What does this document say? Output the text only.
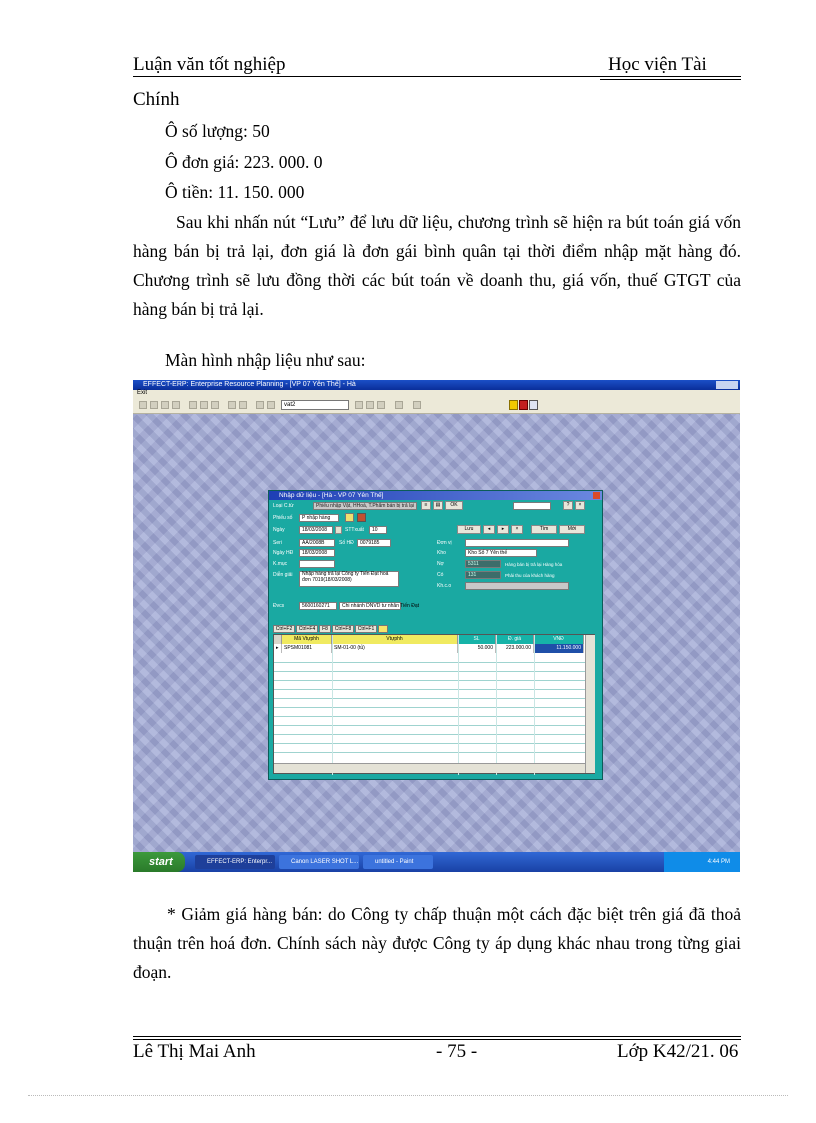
Luận văn tốt nghiệp	Học viện Tài
Chính
Ô số lượng: 50
Ô đơn giá: 223. 000. 0
Ô tiền: 11. 150. 000
Sau khi nhấn nút “Lưu” để lưu dữ liệu, chương trình sẽ hiện ra bút toán giá vốn hàng bán bị trả lại, đơn giá là đơn gái bình quân tại thời điểm nhập mặt hàng đó. Chương trình sẽ lưu đồng thời các bút toán về doanh thu, giá vốn, thuế GTGT của hàng bán bị trả lại.
Màn hình nhập liệu như sau:
EFFECT-ERP: Enterprise Resource Planning - [VP 07 Yên Thế] - Hà
Exit
vat2
Nhập dữ liệu - [Hà - VP 07 Yên Thế]
Loại C.từ	Phiếu nhập Vật, HHoá, T.Phẩm bán bị trả lại	≡	▤	OK	?	×
Phiếu số	P nhập hàng
Ngày	18/03/2008	STTxuất	10	Lưu	◂	▸	×	Tìm	Mới
Seri	AA/2008B	Số HĐ	0079185	Đơn vị
Ngày HĐ	18/03/2008	Kho	Kho Số 7 Yên thế
K.mục	Nợ	5311	Hàng bán bị trả lại Hàng hóa
Diễn giải	Nhập hàng trả lại Công ty Tiến Đạt hoá đơn 7019(18/03/2008)
Có	131	Phải thu của khách hàng
Kh.c.o
Đvcs	5600160271	Chi nhánh DNVD tư nhân Tiến Đạt
Ctrl+F2	Ctrl+F4	F8	Ctrl+F8	Ctrl+F1
Mã Vtựphh	Vtựphh	SL	Đ. giá	VNĐ
▸	SPSM01081	SM-01-00 (tủ)	50.000	223.000.00	11.150.000
start	EFFECT-ERP: Enterpr...	Canon LASER SHOT L...	untitled - Paint	4:44 PM
* Giảm giá hàng bán: do Công ty chấp thuận một cách đặc biệt trên giá đã thoả thuận trên hoá đơn. Chính sách này được Công ty áp dụng khác nhau trong từng giai đoạn.
Lê Thị Mai Anh	- 75 -	Lớp K42/21. 06
